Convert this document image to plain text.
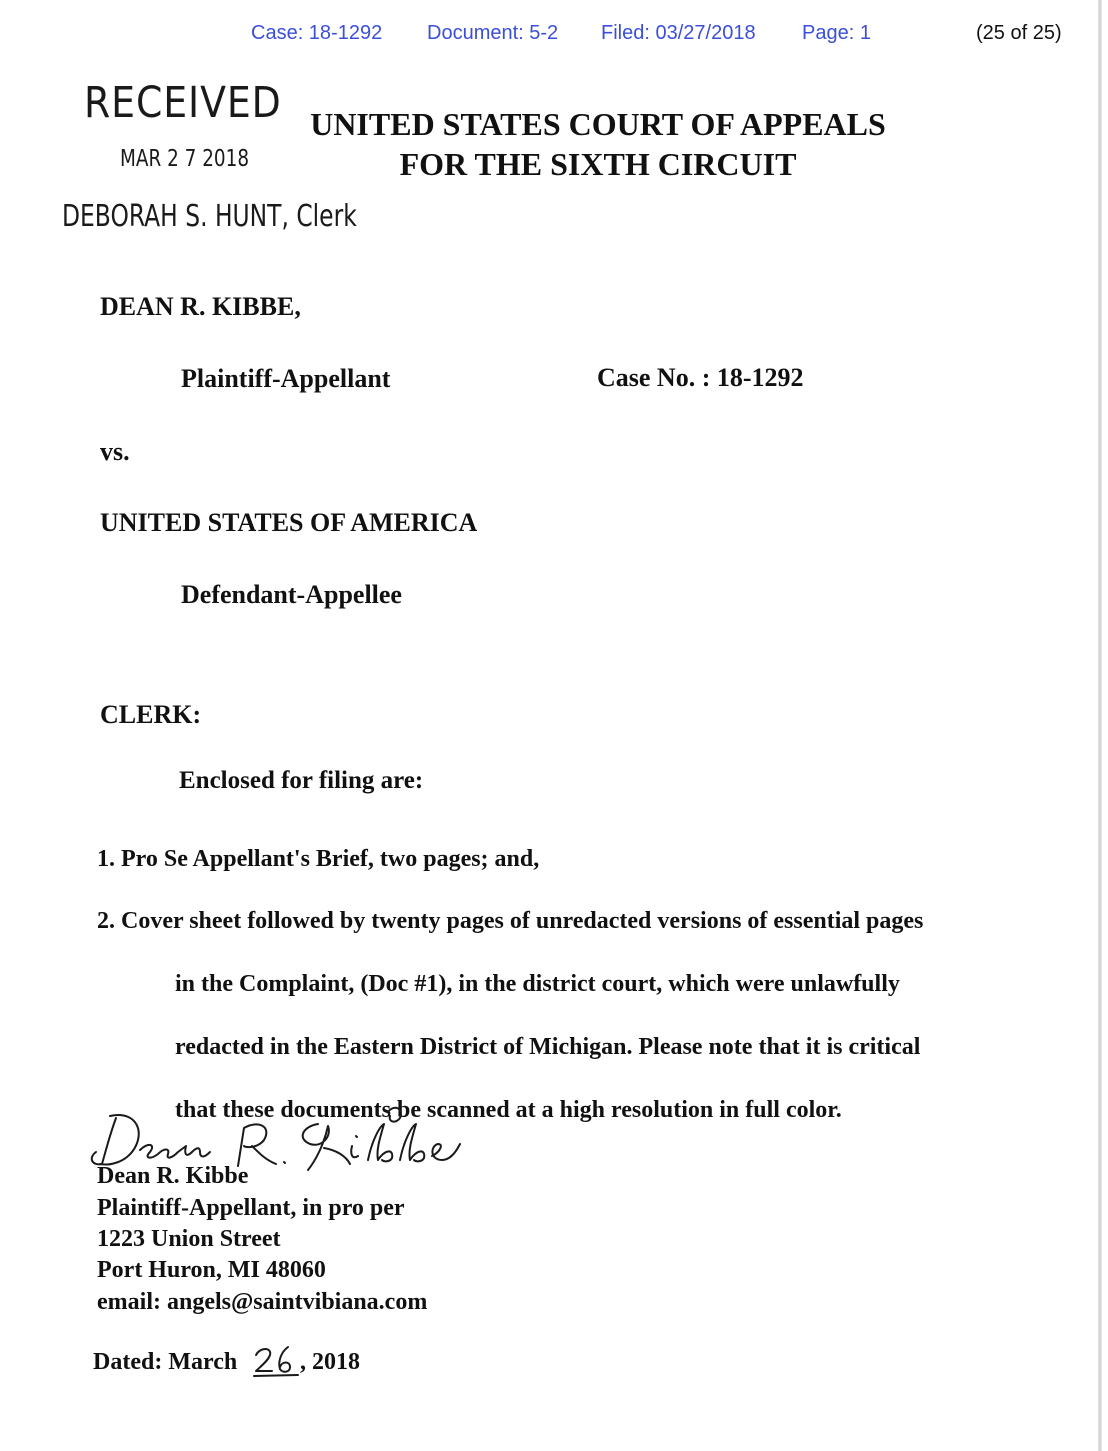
Case: 18-1292 Document: 5-2 Filed: 03/27/2018 Page: 1	(25 of 25)
RECEIVED
MAR 2 7 2018
DEBORAH S. HUNT, Clerk
UNITED STATES COURT OF APPEALS
FOR THE SIXTH CIRCUIT
DEAN R. KIBBE,
Plaintiff-Appellant	Case No. : 18-1292
vs.
UNITED STATES OF AMERICA
Defendant-Appellee
CLERK:
Enclosed for filing are:
1. Pro Se Appellant's Brief, two pages; and,
2. Cover sheet followed by twenty pages of unredacted versions of essential pages
in the Complaint, (Doc #1), in the district court, which were unlawfully
redacted in the Eastern District of Michigan. Please note that it is critical
that these documents be scanned at a high resolution in full color.
Dean R. Kibbe
Plaintiff-Appellant, in pro per
1223 Union Street
Port Huron, MI 48060
email: angels@saintvibiana.com
Dated: March	, 2018
